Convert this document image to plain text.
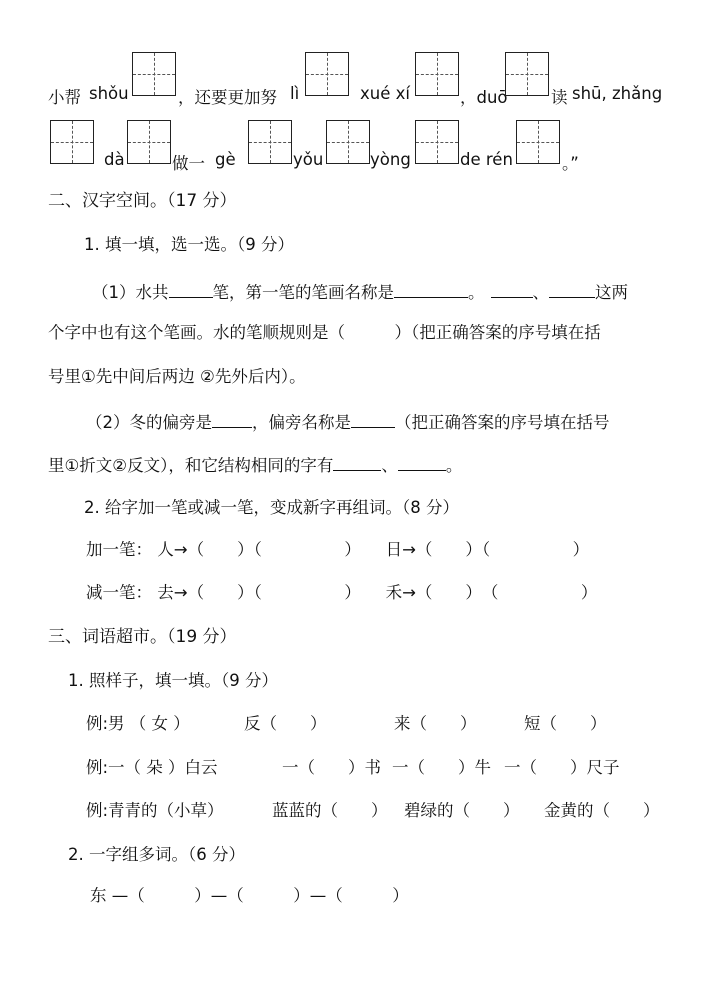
小帮 shǒu	，还要更加努 lì	xué xí	，duō	读 shū, zhǎng
dà	做一 gè	yǒu	yòng	de rén	。”
二、汉字空间。（17 分）
1. 填一填，选一选。（9 分）
（1）水共	笔，第一笔的笔画名称是	。	、	这两
个字中也有这个笔画。水的笔顺规则是（　　　）（把正确答案的序号填在括
号里①先中间后两边 ②先外后内）。
（2）冬的偏旁是 ，偏旁名称是	（把正确答案的序号填在括号
里①折文②反文），和它结构相同的字有	、	。
2. 给字加一笔或减一笔，变成新字再组词。（8 分）
加一笔： 人→（　　）（　　　　　）　　日→（　　）（　　　　　）
减一笔： 去→（　　）（　　　　　）　　禾→（　　）　（　　　　　）
三、词语超市。（19 分）
1. 照样子，填一填。（9 分）
例:男 （ 女 ）	反（　　）	来（　　）	短（　　）
例:一（ 朵 ）白云	一（　　）书 一（　　）牛 一（　　）尺子
例:青青的（小草）	蓝蓝的（　　） 碧绿的（　　） 金黄的（　　）
2. 一字组多词。（6 分）
东 —（　　　）—（　　　）—（　　　）
